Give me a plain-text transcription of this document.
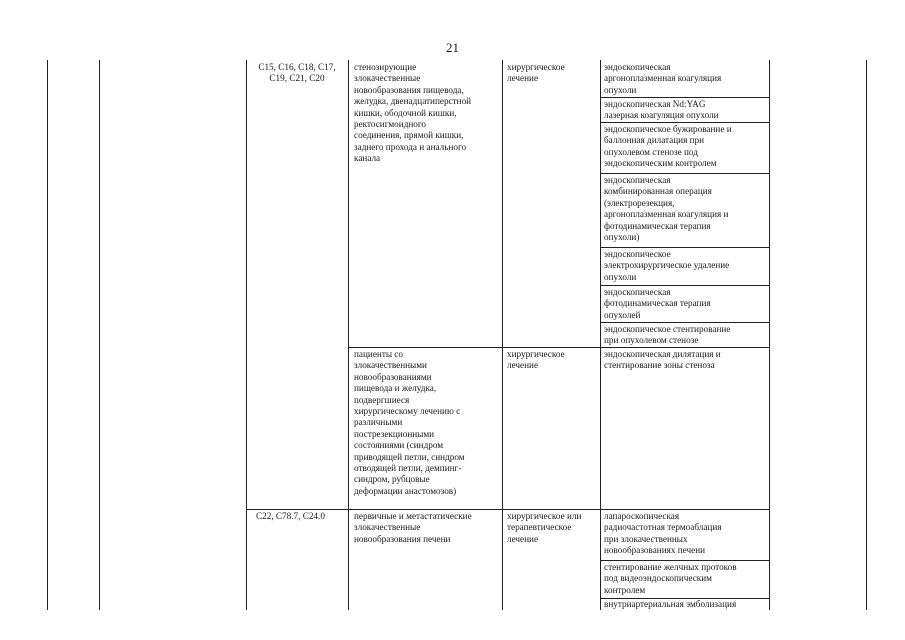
21
C15, C16, C18, C17,
C19, C21, C20
стенозирующие
злокачественные
новообразования пищевода,
желудка, двенадцатиперстной
кишки, ободочной кишки,
ректосигмоидного
соединения, прямой кишки,
заднего прохода и анального
канала
хирургическое
лечение
эндоскопическая
аргоноплазменная коагуляция
опухоли
эндоскопическая Nd:YAG
лазерная коагуляция опухоли
эндоскопическое бужирование и
баллонная дилатация при
опухолевом стенозе под
эндоскопическим контролем
эндоскопическая
комбинированная операция
(электрорезекция,
аргоноплазменная коагуляция и
фотодинамическая терапия
опухоли)
эндоскопическое
электрохирургическое удаление
опухоли
эндоскопическая
фотодинамическая терапия
опухолей
эндоскопическое стентирование
при опухолевом стенозе
пациенты со
злокачественными
новообразованиями
пищевода и желудка,
подвергшиеся
хирургическому лечению с
различными
пострезекционными
состояниями (синдром
приводящей петли, синдром
отводящей петли, демпинг-
синдром, рубцовые
деформации анастомозов)
хирургическое
лечение
эндоскопическая дилятация и
стентирование зоны стеноза
C22, C78.7, C24.0	первичные и метастатические
злокачественные
новообразования печени
хирургическое или
терапевтическое
лечение
лапароскопическая
радиочастотная термоаблация
при злокачественных
новообразованиях печени
стентирование желчных протоков
под видеоэндоскопическим
контролем
внутриартериальная эмболизация
